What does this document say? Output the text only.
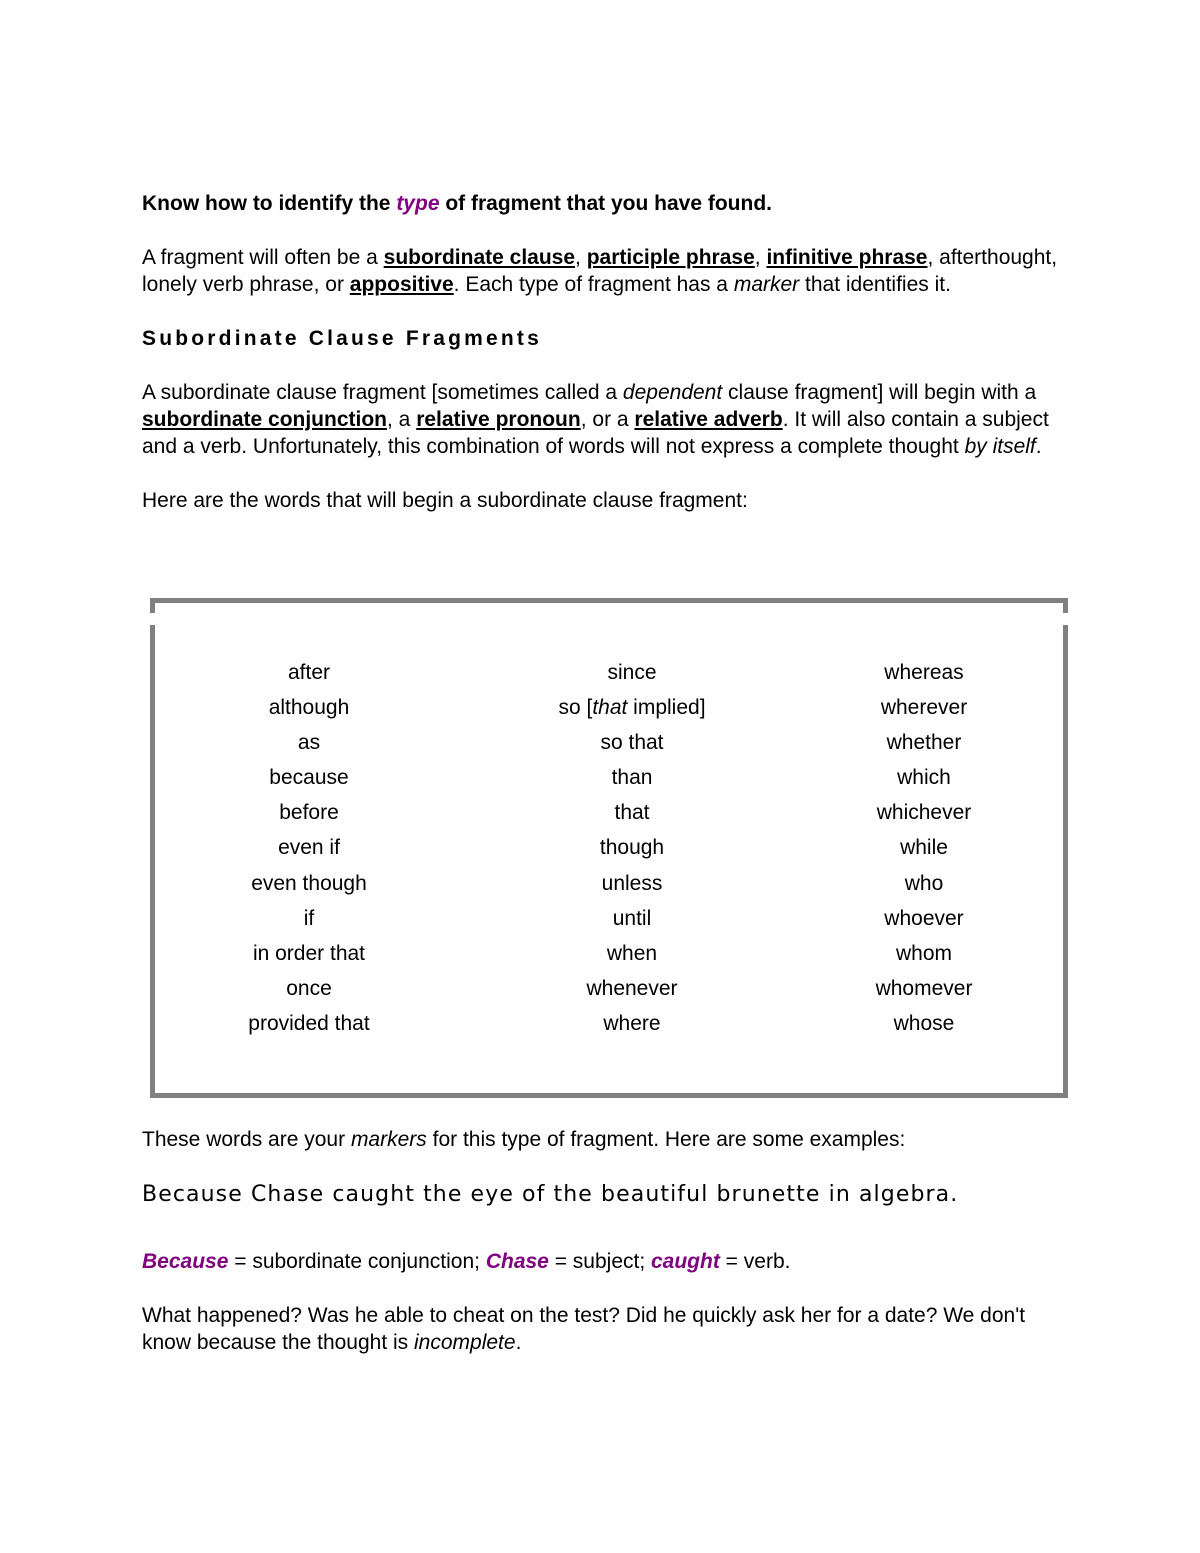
Know how to identify the type of fragment that you have found.

A fragment will often be a subordinate clause, participle phrase, infinitive phrase, afterthought, lonely verb phrase, or appositive. Each type of fragment has a marker that identifies it.

Subordinate Clause Fragments

A subordinate clause fragment [sometimes called a dependent clause fragment] will begin with a subordinate conjunction, a relative pronoun, or a relative adverb. It will also contain a subject and a verb. Unfortunately, this combination of words will not express a complete thought by itself.

Here are the words that will begin a subordinate clause fragment:

after
although
as
because
before
even if
even though
if
in order that
once
provided that
since
so [that implied]
so that
than
that
though
unless
until
when
whenever
where
whereas
wherever
whether
which
whichever
while
who
whoever
whom
whomever
whose

These words are your markers for this type of fragment. Here are some examples:

Because Chase caught the eye of the beautiful brunette in algebra.

Because = subordinate conjunction; Chase = subject; caught = verb.

What happened? Was he able to cheat on the test? Did he quickly ask her for a date? We don't know because the thought is incomplete.
